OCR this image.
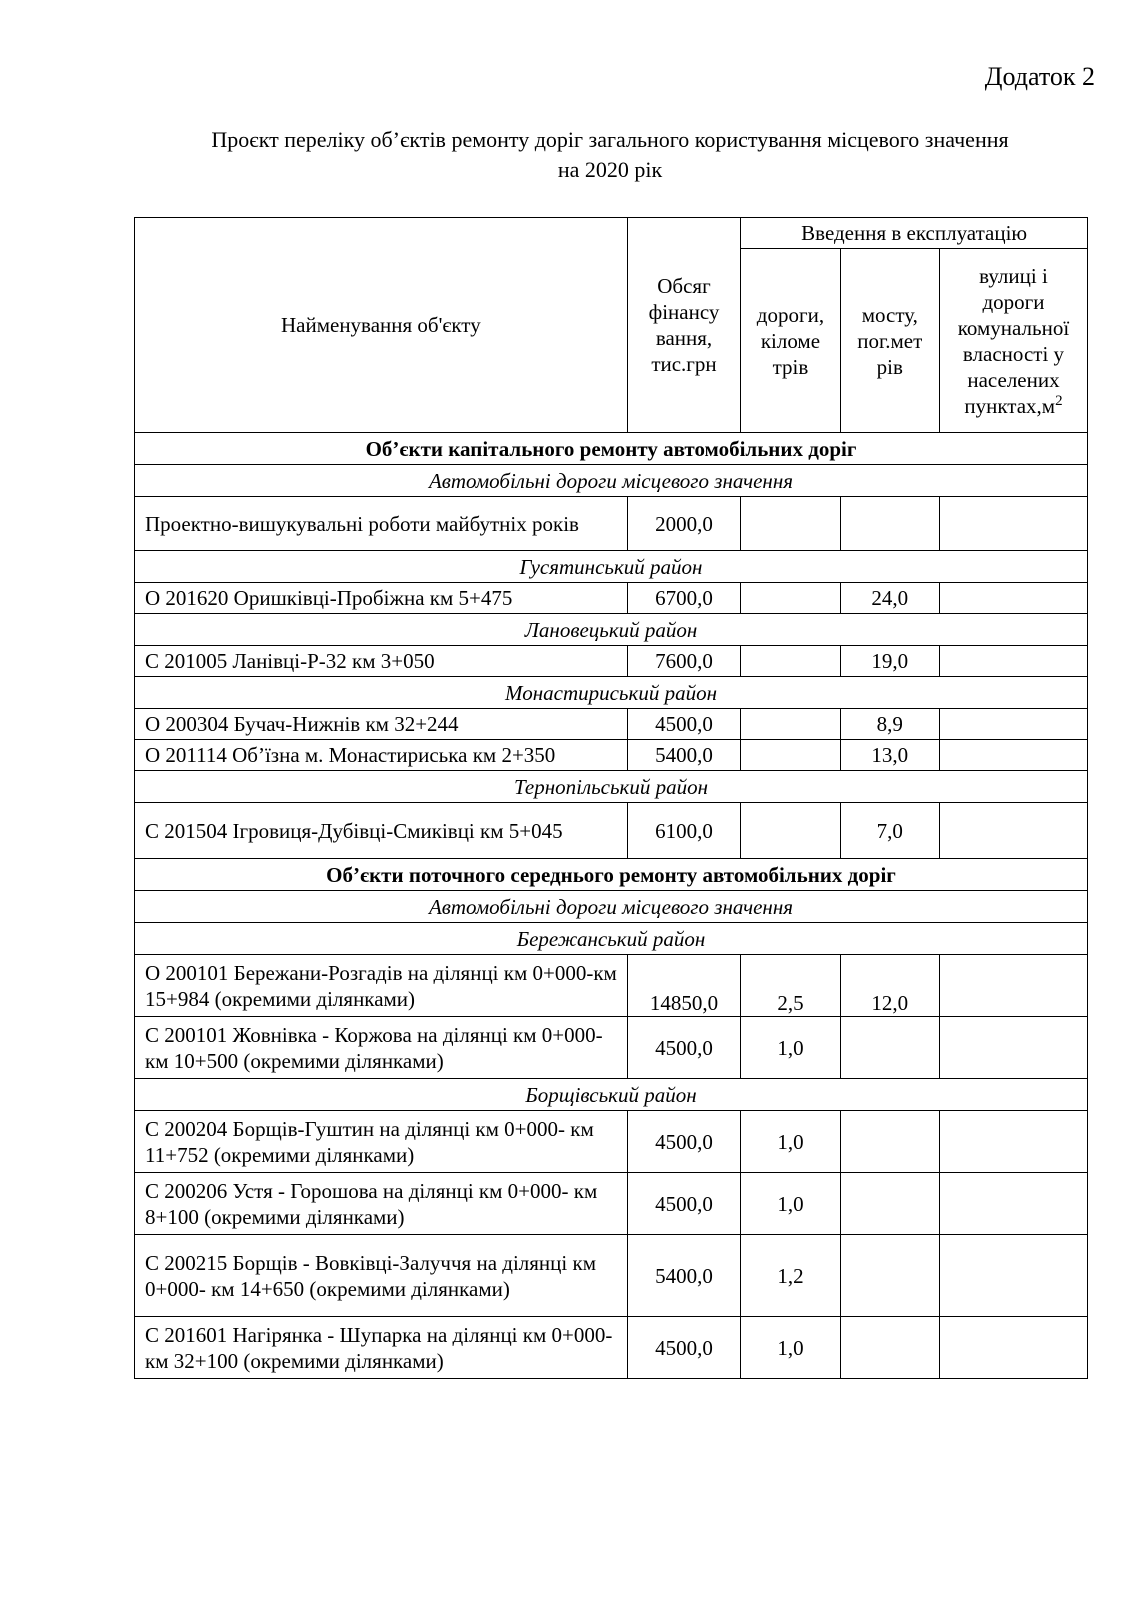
Додаток 2
Проєкт переліку об’єктів ремонту доріг загального користування місцевого значення
на 2020 рік
Найменування об'єкту	Обсяг фінансу вання, тис.грн	Введення в експлуатацію		
		дороги, кіломе трів	мосту, пог.мет рів	вулиці і дороги комунальної власності у населених $пунктах,м^2$
Об’єкти капітального ремонту автомобільних доріг				
Автомобільні дороги місцевого значення				
Проектно-вишукувальні роботи майбутніх років	2000,0			
Гусятинський район				
О 201620 Оришківці-Пробіжна км 5+475	6700,0		24,0	
Лановецький район				
С 201005 Ланівці-Р-32 км 3+050	7600,0		19,0	
Монастириський район				
О 200304 Бучач-Нижнів км 32+244	4500,0		8,9	
О 201114 Об’їзна м. Монастириська км 2+350	5400,0		13,0	
Тернопільський район				
С 201504 Ігровиця-Дубівці-Смиківці км 5+045	6100,0		7,0	
Об’єкти поточного середнього ремонту автомобільних доріг				
Автомобільні дороги місцевого значення				
Бережанський район				
О 200101 Бережани-Розгадів на ділянці км 0+000-км 15+984 (окремими ділянками)	14850,0	2,5	12,0	
С 200101 Жовнівка - Коржова на ділянці км 0+000- км 10+500 (окремими ділянками)	4500,0	1,0		
Борщівський район				
С 200204 Борщів-Гуштин на ділянці км 0+000- км 11+752 (окремими ділянками)	4500,0	1,0		
С 200206 Устя - Горошова на ділянці км 0+000- км 8+100 (окремими ділянками)	4500,0	1,0		
С 200215 Борщів - Вовківці-Залуччя на ділянці км 0+000- км 14+650 (окремими ділянками)	5400,0	1,2		
С 201601 Нагірянка - Шупарка на ділянці км 0+000- км 32+100 (окремими ділянками)	4500,0	1,0		
